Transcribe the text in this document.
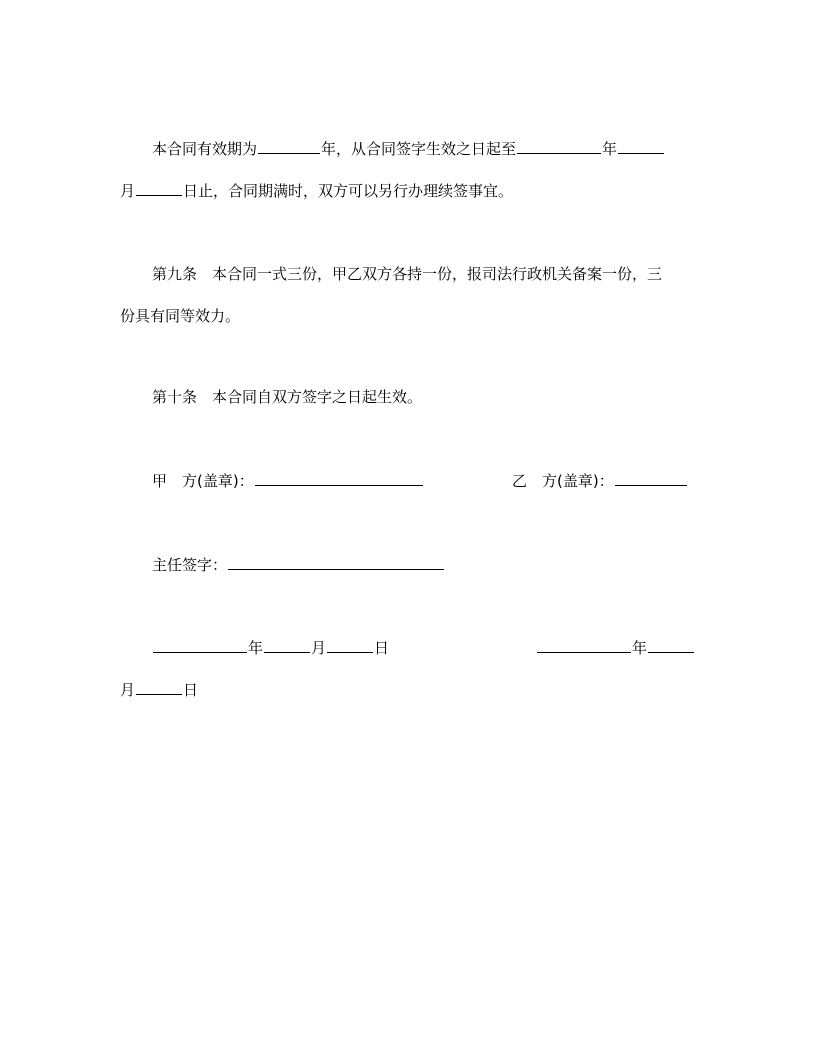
本合同有效期为	年，从合同签字生效之日起至	年
月	日止，合同期满时，双方可以另行办理续签事宜。
第九条 本合同一式三份，甲乙双方各持一份，报司法行政机关备案一份，三
份具有同等效力。
第十条 本合同自双方签字之日起生效。
甲　方(盖章)：	乙　方(盖章)：
主任签字：
年	月	日	年
月	日
